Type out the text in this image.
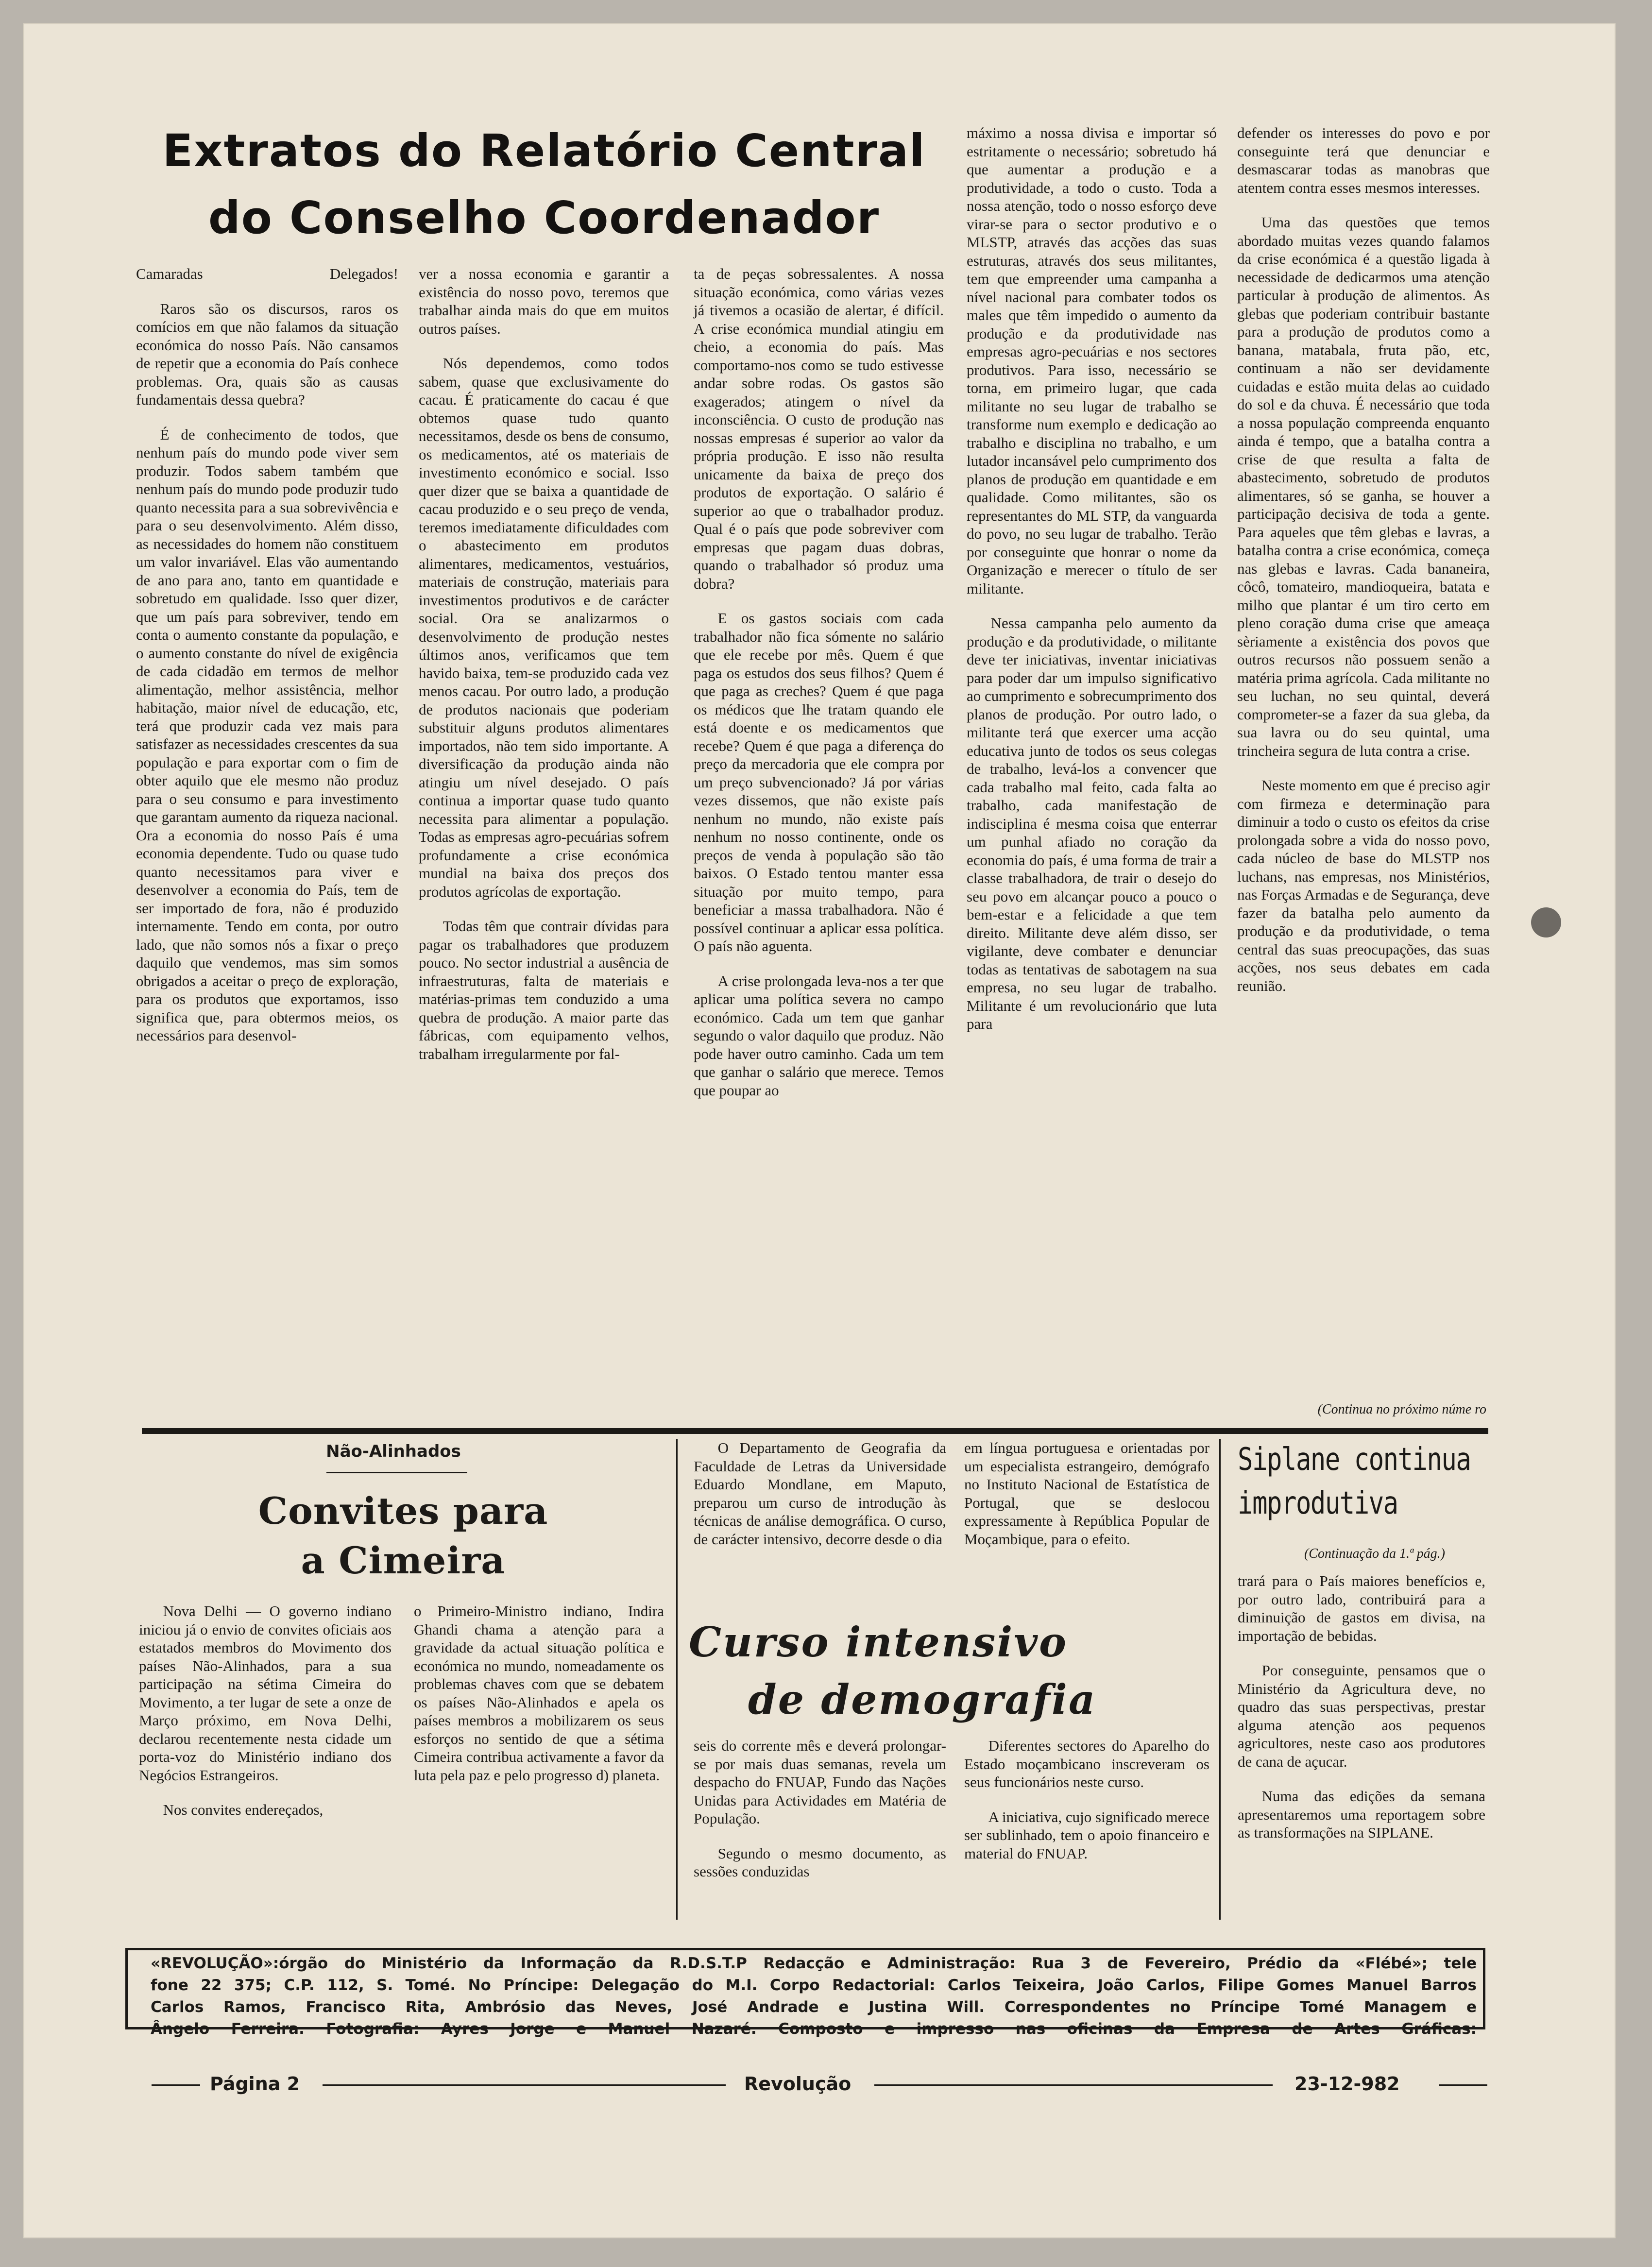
Extratos do Relatório Central
do Conselho Coordenador

Camaradas Delegados!

Raros são os discursos, raros os comícios em que não falamos da situação económica do nosso País. Não cansamos de repetir que a economia do País conhece problemas. Ora, quais são as causas fundamentais dessa quebra?

É de conhecimento de todos, que nenhum país do mundo pode viver sem produzir. Todos sabem também que nenhum país do mundo pode produzir tudo quanto necessita para a sua sobrevivência e para o seu desenvolvimento. Além disso, as necessidades do homem não constituem um valor invariável. Elas vão aumentando de ano para ano, tanto em quantidade e sobretudo em qualidade. Isso quer dizer, que um país para sobreviver, tendo em conta o aumento constante da população, e o aumento constante do nível de exigência de cada cidadão em termos de melhor alimentação, melhor assistência, melhor habitação, maior nível de educação, etc, terá que produzir cada vez mais para satisfazer as necessidades crescentes da sua população e para exportar com o fim de obter aquilo que ele mesmo não produz para o seu consumo e para investimento que garantam aumento da riqueza nacional. Ora a economia do nosso País é uma economia dependente. Tudo ou quase tudo quanto necessitamos para viver e desenvolver a economia do País, tem de ser importado de fora, não é produzido internamente. Tendo em conta, por outro lado, que não somos nós a fixar o preço daquilo que vendemos, mas sim somos obrigados a aceitar o preço de exploração, para os produtos que exportamos, isso significa que, para obtermos meios, os necessários para desenvol-

ver a nossa economia e garantir a existência do nosso povo, teremos que trabalhar ainda mais do que em muitos outros países.

Nós dependemos, como todos sabem, quase que exclusivamente do cacau. É praticamente do cacau é que obtemos quase tudo quanto necessitamos, desde os bens de consumo, os medicamentos, até os materiais de investimento económico e social. Isso quer dizer que se baixa a quantidade de cacau produzido e o seu preço de venda, teremos imediatamente dificuldades com o abastecimento em produtos alimentares, medicamentos, vestuários, materiais de construção, materiais para investimentos produtivos e de carácter social. Ora se analizarmos o desenvolvimento de produção nestes últimos anos, verificamos que tem havido baixa, tem-se produzido cada vez menos cacau. Por outro lado, a produção de produtos nacionais que poderiam substituir alguns produtos alimentares importados, não tem sido importante. A diversificação da produção ainda não atingiu um nível desejado. O país continua a importar quase tudo quanto necessita para alimentar a população. Todas as empresas agro-pecuárias sofrem profundamente a crise económica mundial na baixa dos preços dos produtos agrícolas de exportação.

Todas têm que contrair dívidas para pagar os trabalhadores que produzem pouco. No sector industrial a ausência de infraestruturas, falta de materiais e matérias-primas tem conduzido a uma quebra de produção. A maior parte das fábricas, com equipamento velhos, trabalham irregularmente por fal-

ta de peças sobressalentes. A nossa situação económica, como várias vezes já tivemos a ocasião de alertar, é difícil. A crise económica mundial atingiu em cheio, a economia do país. Mas comportamo-nos como se tudo estivesse andar sobre rodas. Os gastos são exagerados; atingem o nível da inconsciência. O custo de produção nas nossas empresas é superior ao valor da própria produção. E isso não resulta unicamente da baixa de preço dos produtos de exportação. O salário é superior ao que o trabalhador produz. Qual é o país que pode sobreviver com empresas que pagam duas dobras, quando o trabalhador só produz uma dobra?

E os gastos sociais com cada trabalhador não fica sómente no salário que ele recebe por mês. Quem é que paga os estudos dos seus filhos? Quem é que paga as creches? Quem é que paga os médicos que lhe tratam quando ele está doente e os medicamentos que recebe? Quem é que paga a diferença do preço da mercadoria que ele compra por um preço subvencionado? Já por várias vezes dissemos, que não existe país nenhum no mundo, não existe país nenhum no nosso continente, onde os preços de venda à população são tão baixos. O Estado tentou manter essa situação por muito tempo, para beneficiar a massa trabalhadora. Não é possível continuar a aplicar essa política. O país não aguenta.

A crise prolongada leva-nos a ter que aplicar uma política severa no campo económico. Cada um tem que ganhar segundo o valor daquilo que produz. Não pode haver outro caminho. Cada um tem que ganhar o salário que merece. Temos que poupar ao

máximo a nossa divisa e importar só estritamente o necessário; sobretudo há que aumentar a produção e a produtividade, a todo o custo. Toda a nossa atenção, todo o nosso esforço deve virar-se para o sector produtivo e o MLSTP, através das acções das suas estruturas, através dos seus militantes, tem que empreender uma campanha a nível nacional para combater todos os males que têm impedido o aumento da produção e da produtividade nas empresas agro-pecuárias e nos sectores produtivos. Para isso, necessário se torna, em primeiro lugar, que cada militante no seu lugar de trabalho se transforme num exemplo e dedicação ao trabalho e disciplina no trabalho, e um lutador incansável pelo cumprimento dos planos de produção em quantidade e em qualidade. Como militantes, são os representantes do ML STP, da vanguarda do povo, no seu lugar de trabalho. Terão por conseguinte que honrar o nome da Organização e merecer o título de ser militante.

Nessa campanha pelo aumento da produção e da produtividade, o militante deve ter iniciativas, inventar iniciativas para poder dar um impulso significativo ao cumprimento e sobrecumprimento dos planos de produção. Por outro lado, o militante terá que exercer uma acção educativa junto de todos os seus colegas de trabalho, levá-los a convencer que cada trabalho mal feito, cada falta ao trabalho, cada manifestação de indisciplina é mesma coisa que enterrar um punhal afiado no coração da economia do país, é uma forma de trair a classe trabalhadora, de trair o desejo do seu povo em alcançar pouco a pouco o bem-estar e a felicidade a que tem direito. Militante deve além disso, ser vigilante, deve combater e denunciar todas as tentativas de sabotagem na sua empresa, no seu lugar de trabalho. Militante é um revolucionário que luta para

defender os interesses do povo e por conseguinte terá que denunciar e desmascarar todas as manobras que atentem contra esses mesmos interesses.

Uma das questões que temos abordado muitas vezes quando falamos da crise económica é a questão ligada à necessidade de dedicarmos uma atenção particular à produção de alimentos. As glebas que poderiam contribuir bastante para a produção de produtos como a banana, matabala, fruta pão, etc, continuam a não ser devidamente cuidadas e estão muita delas ao cuidado do sol e da chuva. É necessário que toda a nossa população compreenda enquanto ainda é tempo, que a batalha contra a crise de que resulta a falta de abastecimento, sobretudo de produtos alimentares, só se ganha, se houver a participação decisiva de toda a gente. Para aqueles que têm glebas e lavras, a batalha contra a crise económica, começa nas glebas e lavras. Cada bananeira, côcô, tomateiro, mandioqueira, batata e milho que plantar é um tiro certo em pleno coração duma crise que ameaça sèriamente a existência dos povos que outros recursos não possuem senão a matéria prima agrícola. Cada militante no seu luchan, no seu quintal, deverá comprometer-se a fazer da sua gleba, da sua lavra ou do seu quintal, uma trincheira segura de luta contra a crise.

Neste momento em que é preciso agir com firmeza e determinação para diminuir a todo o custo os efeitos da crise prolongada sobre a vida do nosso povo, cada núcleo de base do MLSTP nos luchans, nas empresas, nos Ministérios, nas Forças Armadas e de Segurança, deve fazer da batalha pelo aumento da produção e da produtividade, o tema central das suas preocupações, das suas acções, nos seus debates em cada reunião.

(Continua no próximo núme ro
Não-Alinhados
Convites para
a Cimeira

Nova Delhi — O governo indiano iniciou já o envio de convites oficiais aos estatados membros do Movimento dos países Não-Alinhados, para a sua participação na sétima Cimeira do Movimento, a ter lugar de sete a onze de Março próximo, em Nova Delhi, declarou recentemente nesta cidade um porta-voz do Ministério indiano dos Negócios Estrangeiros.

Nos convites endereçados,

o Primeiro-Ministro indiano, Indira Ghandi chama a atenção para a gravidade da actual situação política e económica no mundo, nomeadamente os problemas chaves com que se debatem os países Não-Alinhados e apela os países membros a mobilizarem os seus esforços no sentido de que a sétima Cimeira contribua activamente a favor da luta pela paz e pelo progresso d) planeta.

O Departamento de Geografia da Faculdade de Letras da Universidade Eduardo Mondlane, em Maputo, preparou um curso de introdução às técnicas de análise demográfica. O curso, de carácter intensivo, decorre desde o dia

em língua portuguesa e orientadas por um especialista estrangeiro, demógrafo no Instituto Nacional de Estatística de Portugal, que se deslocou expressamente à República Popular de Moçambique, para o efeito.

Curso intensivo
de demografia

seis do corrente mês e deverá prolongar-se por mais duas semanas, revela um despacho do FNUAP, Fundo das Nações Unidas para Actividades em Matéria de População.

Segundo o mesmo documento, as sessões conduzidas

Diferentes sectores do Aparelho do Estado moçambicano inscreveram os seus funcionários neste curso.

A iniciativa, cujo significado merece ser sublinhado, tem o apoio financeiro e material do FNUAP.

Siplane continua
improdutiva
(Continuação da 1.ª pág.)

trará para o País maiores benefícios e, por outro lado, contribuirá para a diminuição de gastos em divisa, na importação de bebidas.

Por conseguinte, pensamos que o Ministério da Agricultura deve, no quadro das suas perspectivas, prestar alguma atenção aos pequenos agricultores, neste caso aos produtores de cana de açucar.

Numa das edições da semana apresentaremos uma reportagem sobre as transformações na SIPLANE.

«REVOLUÇÃO»:órgão do Ministério da Informação da R.D.S.T.P Redacção e Administração: Rua 3 de Fevereiro, Prédio da «Flébé»; tele
fone 22 375; C.P. 112, S. Tomé. No Príncipe: Delegação do M.I. Corpo Redactorial: Carlos Teixeira, João Carlos, Filipe Gomes Manuel Barros
Carlos Ramos, Francisco Rita, Ambrósio das Neves, José Andrade e Justina Will. Correspondentes no Príncipe Tomé Managem e
Ângelo Ferreira. Fotografia: Ayres Jorge e Manuel Nazaré. Composto e impresso nas oficinas da Empresa de Artes Gráficas:
Página 2	Revolução	23-12-982
